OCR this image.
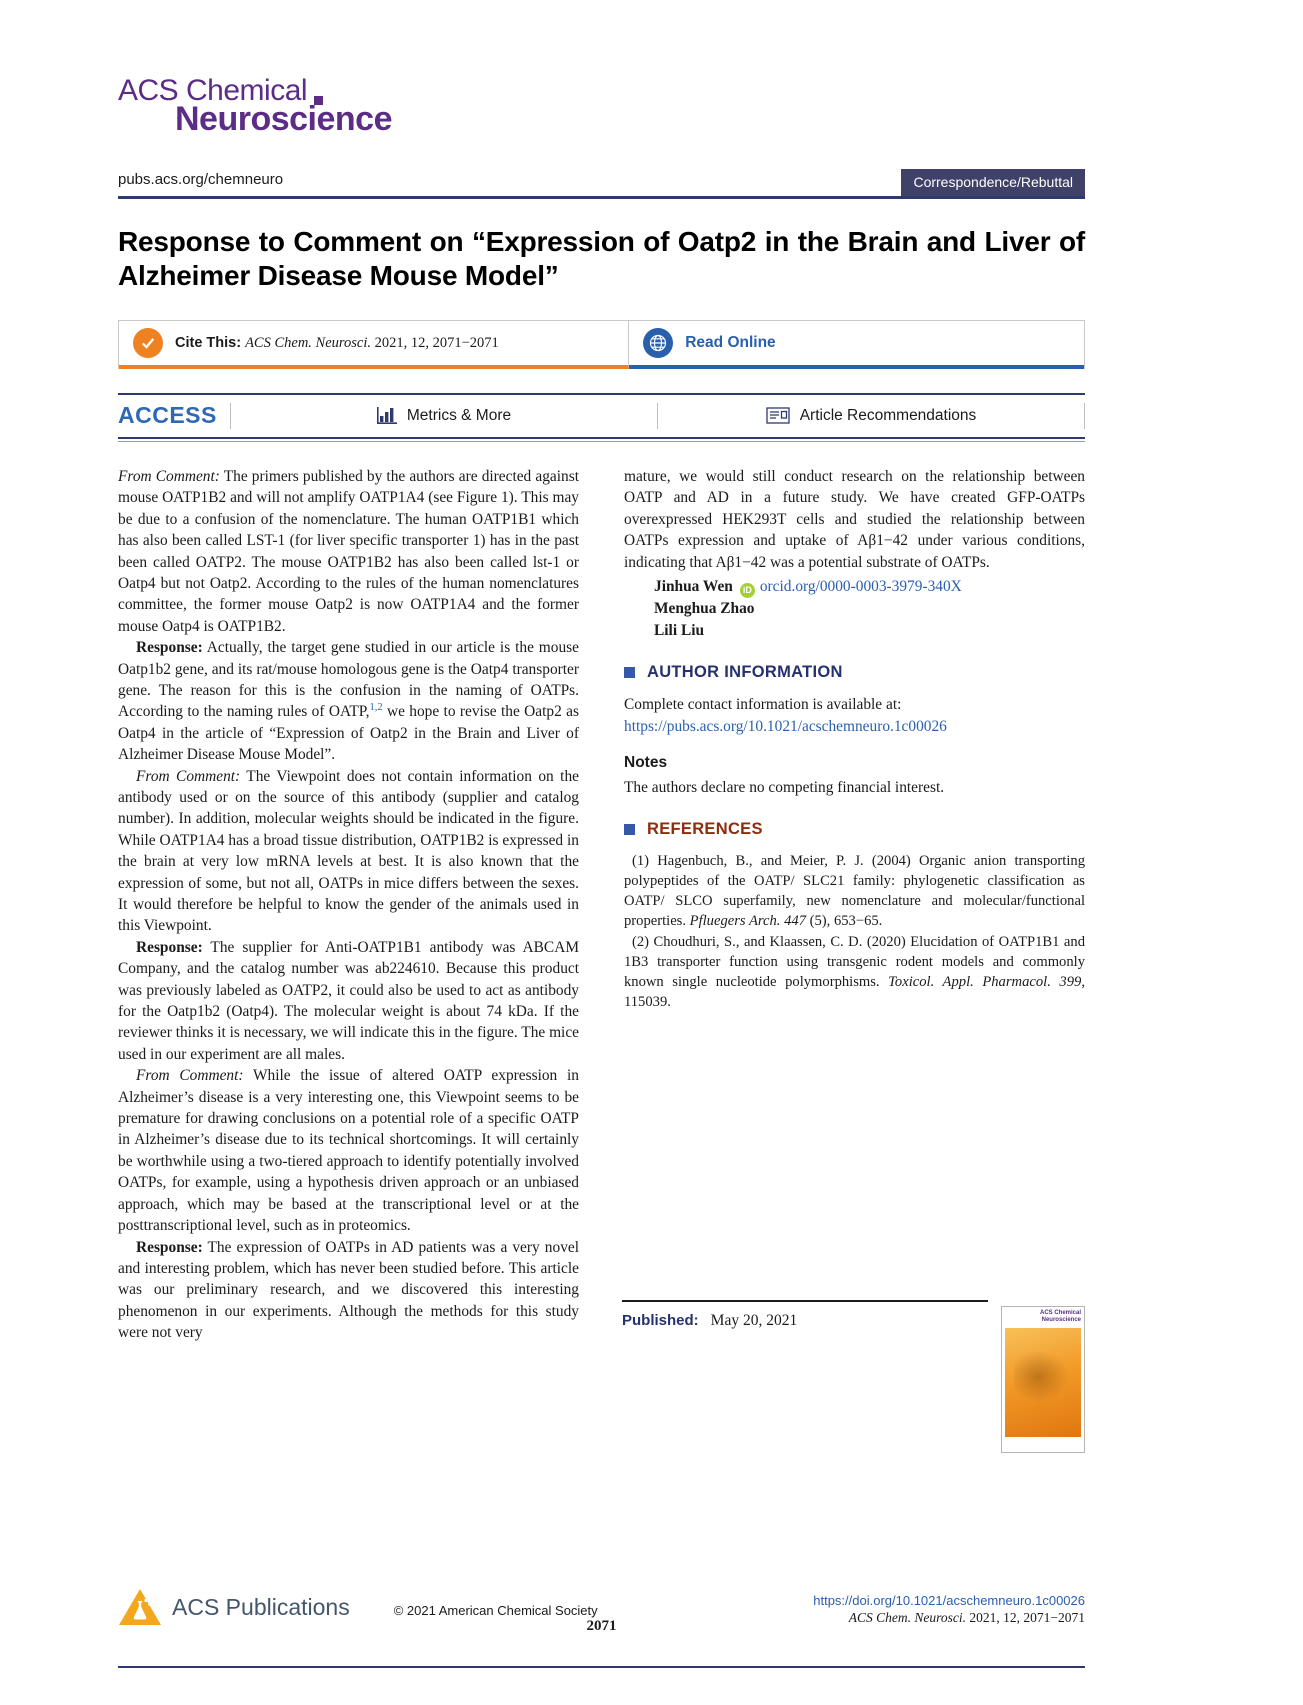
ACS Chemical
Neuroscience
pubs.acs.org/chemneuro	Correspondence/Rebuttal
Response to Comment on “Expression of Oatp2 in the Brain and Liver of Alzheimer Disease Mouse Model”
Cite This: ACS Chem. Neurosci. 2021, 12, 2071−2071	Read Online
ACCESS	Metrics & More	Article Recommendations

From Comment: The primers published by the authors are directed against mouse OATP1B2 and will not amplify OATP1A4 (see Figure 1). This may be due to a confusion of the nomenclature. The human OATP1B1 which has also been called LST-1 (for liver specific transporter 1) has in the past been called OATP2. The mouse OATP1B2 has also been called lst-1 or Oatp4 but not Oatp2. According to the rules of the human nomenclatures committee, the former mouse Oatp2 is now OATP1A4 and the former mouse Oatp4 is OATP1B2.

Response: Actually, the target gene studied in our article is the mouse Oatp1b2 gene, and its rat/mouse homologous gene is the Oatp4 transporter gene. The reason for this is the confusion in the naming of OATPs. According to the naming rules of OATP,$^{1,2}$ we hope to revise the Oatp2 as Oatp4 in the article of “Expression of Oatp2 in the Brain and Liver of Alzheimer Disease Mouse Model”.

From Comment: The Viewpoint does not contain information on the antibody used or on the source of this antibody (supplier and catalog number). In addition, molecular weights should be indicated in the figure. While OATP1A4 has a broad tissue distribution, OATP1B2 is expressed in the brain at very low mRNA levels at best. It is also known that the expression of some, but not all, OATPs in mice differs between the sexes. It would therefore be helpful to know the gender of the animals used in this Viewpoint.

Response: The supplier for Anti-OATP1B1 antibody was ABCAM Company, and the catalog number was ab224610. Because this product was previously labeled as OATP2, it could also be used to act as antibody for the Oatp1b2 (Oatp4). The molecular weight is about 74 kDa. If the reviewer thinks it is necessary, we will indicate this in the figure. The mice used in our experiment are all males.

From Comment: While the issue of altered OATP expression in Alzheimer’s disease is a very interesting one, this Viewpoint seems to be premature for drawing conclusions on a potential role of a specific OATP in Alzheimer’s disease due to its technical shortcomings. It will certainly be worthwhile using a two-tiered approach to identify potentially involved OATPs, for example, using a hypothesis driven approach or an unbiased approach, which may be based at the transcriptional level or at the posttranscriptional level, such as in proteomics.

Response: The expression of OATPs in AD patients was a very novel and interesting problem, which has never been studied before. This article was our preliminary research, and we discovered this interesting phenomenon in our experiments. Although the methods for this study were not very

mature, we would still conduct research on the relationship between OATP and AD in a future study. We have created GFP-OATPs overexpressed HEK293T cells and studied the relationship between OATPs expression and uptake of Aβ1−42 under various conditions, indicating that Aβ1−42 was a potential substrate of OATPs.

Jinhua Wen iD orcid.org/0000-0003-3979-340X
Menghua Zhao
Lili Liu
AUTHOR INFORMATION

Complete contact information is available at:

https://pubs.acs.org/10.1021/acschemneuro.1c00026

Notes

The authors declare no competing financial interest.

REFERENCES

(1) Hagenbuch, B., and Meier, P. J. (2004) Organic anion transporting polypeptides of the OATP/ SLC21 family: phylogenetic classification as OATP/ SLCO superfamily, new nomenclature and molecular/functional properties. Pfluegers Arch. 447 (5), 653−65.

(2) Choudhuri, S., and Klaassen, C. D. (2020) Elucidation of OATP1B1 and 1B3 transporter function using transgenic rodent models and commonly known single nucleotide polymorphisms. Toxicol. Appl. Pharmacol. 399, 115039.

Published: May 20, 2021	ACS Chemical Neuroscience
ACS Publications	© 2021 American Chemical Society
2071
https://doi.org/10.1021/acschemneuro.1c00026
ACS Chem. Neurosci. 2021, 12, 2071−2071
